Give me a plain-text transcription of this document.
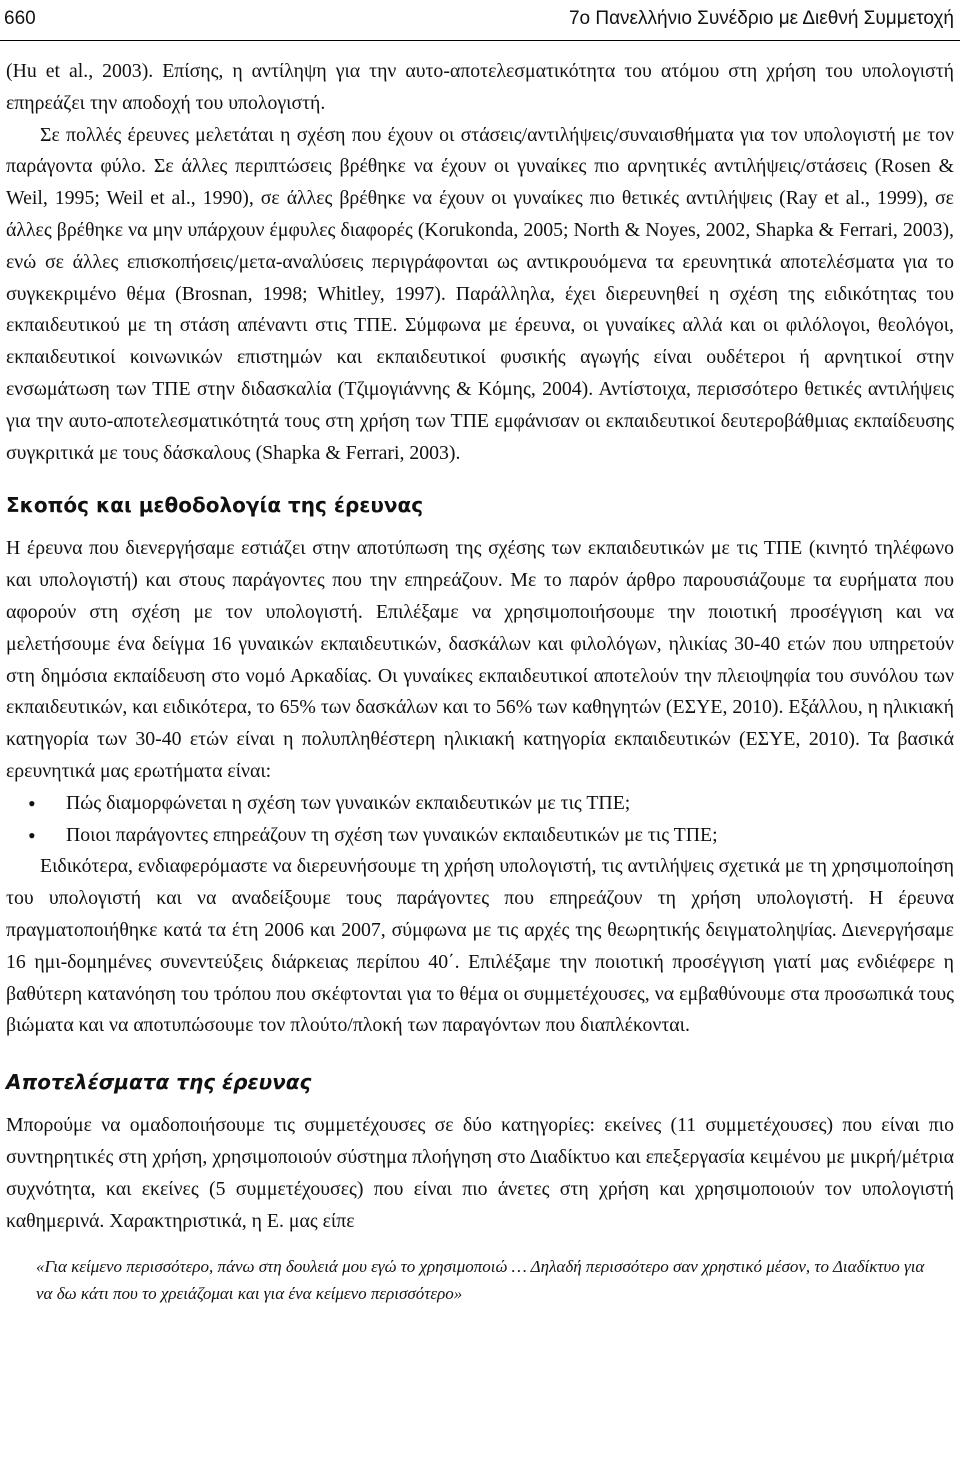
660	7ο Πανελλήνιο Συνέδριο με Διεθνή Συμμετοχή

(Hu et al., 2003). Επίσης, η αντίληψη για την αυτο-αποτελεσματικότητα του ατόμου στη χρήση του υπολογιστή επηρεάζει την αποδοχή του υπολογιστή.

Σε πολλές έρευνες μελετάται η σχέση που έχουν οι στάσεις/αντιλήψεις/συναισθήματα για τον υπολογιστή με τον παράγοντα φύλο. Σε άλλες περιπτώσεις βρέθηκε να έχουν οι γυναίκες πιο αρνητικές αντιλήψεις/στάσεις (Rosen & Weil, 1995; Weil et al., 1990), σε άλλες βρέθηκε να έχουν οι γυναίκες πιο θετικές αντιλήψεις (Ray et al., 1999), σε άλλες βρέθηκε να μην υπάρχουν έμφυλες διαφορές (Korukonda, 2005; North & Noyes, 2002, Shapka & Ferrari, 2003), ενώ σε άλλες επισκοπήσεις/μετα-αναλύσεις περιγράφονται ως αντικρουόμενα τα ερευνητικά αποτελέσματα για το συγκεκριμένο θέμα (Brosnan, 1998; Whitley, 1997). Παράλληλα, έχει διερευνηθεί η σχέση της ειδικότητας του εκπαιδευτικού με τη στάση απέναντι στις ΤΠΕ. Σύμφωνα με έρευνα, οι γυναίκες αλλά και οι φιλόλογοι, θεολόγοι, εκπαιδευτικοί κοινωνικών επιστημών και εκπαιδευτικοί φυσικής αγωγής είναι ουδέτεροι ή αρνητικοί στην ενσωμάτωση των ΤΠΕ στην διδασκαλία (Τζιμογιάννης & Κόμης, 2004). Αντίστοιχα, περισσότερο θετικές αντιλήψεις για την αυτο-αποτελεσματικότητά τους στη χρήση των ΤΠΕ εμφάνισαν οι εκπαιδευτικοί δευτεροβάθμιας εκπαίδευσης συγκριτικά με τους δάσκαλους (Shapka & Ferrari, 2003).

Σκοπός και μεθοδολογία της έρευνας

Η έρευνα που διενεργήσαμε εστιάζει στην αποτύπωση της σχέσης των εκπαιδευτικών με τις ΤΠΕ (κινητό τηλέφωνο και υπολογιστή) και στους παράγοντες που την επηρεάζουν. Με το παρόν άρθρο παρουσιάζουμε τα ευρήματα που αφορούν στη σχέση με τον υπολογιστή. Επιλέξαμε να χρησιμοποιήσουμε την ποιοτική προσέγγιση και να μελετήσουμε ένα δείγμα 16 γυναικών εκπαιδευτικών, δασκάλων και φιλολόγων, ηλικίας 30-40 ετών που υπηρετούν στη δημόσια εκπαίδευση στο νομό Αρκαδίας. Οι γυναίκες εκπαιδευτικοί αποτελούν την πλειοψηφία του συνόλου των εκπαιδευτικών, και ειδικότερα, το 65% των δασκάλων και το 56% των καθηγητών (ΕΣΥΕ, 2010). Εξάλλου, η ηλικιακή κατηγορία των 30-40 ετών είναι η πολυπληθέστερη ηλικιακή κατηγορία εκπαιδευτικών (ΕΣΥΕ, 2010). Τα βασικά ερευνητικά μας ερωτήματα είναι:

• Πώς διαμορφώνεται η σχέση των γυναικών εκπαιδευτικών με τις ΤΠΕ;
• Ποιοι παράγοντες επηρεάζουν τη σχέση των γυναικών εκπαιδευτικών με τις ΤΠΕ;

Ειδικότερα, ενδιαφερόμαστε να διερευνήσουμε τη χρήση υπολογιστή, τις αντιλήψεις σχετικά με τη χρησιμοποίηση του υπολογιστή και να αναδείξουμε τους παράγοντες που επηρεάζουν τη χρήση υπολογιστή. Η έρευνα πραγματοποιήθηκε κατά τα έτη 2006 και 2007, σύμφωνα με τις αρχές της θεωρητικής δειγματοληψίας. Διενεργήσαμε 16 ημι-δομημένες συνεντεύξεις διάρκειας περίπου 40΄. Επιλέξαμε την ποιοτική προσέγγιση γιατί μας ενδιέφερε η βαθύτερη κατανόηση του τρόπου που σκέφτονται για το θέμα οι συμμετέχουσες, να εμβαθύνουμε στα προσωπικά τους βιώματα και να αποτυπώσουμε τον πλούτο/πλοκή των παραγόντων που διαπλέκονται.

Αποτελέσματα της έρευνας

Μπορούμε να ομαδοποιήσουμε τις συμμετέχουσες σε δύο κατηγορίες: εκείνες (11 συμμετέχουσες) που είναι πιο συντηρητικές στη χρήση, χρησιμοποιούν σύστημα πλοήγηση στο Διαδίκτυο και επεξεργασία κειμένου με μικρή/μέτρια συχνότητα, και εκείνες (5 συμμετέχουσες) που είναι πιο άνετες στη χρήση και χρησιμοποιούν τον υπολογιστή καθημερινά. Χαρακτηριστικά, η Ε. μας είπε

«Για κείμενο περισσότερο, πάνω στη δουλειά μου εγώ το χρησιμοποιώ … Δηλαδή περισσότερο σαν χρηστικό μέσον, το Διαδίκτυο για να δω κάτι που το χρειάζομαι και για ένα κείμενο περισσότερο»
